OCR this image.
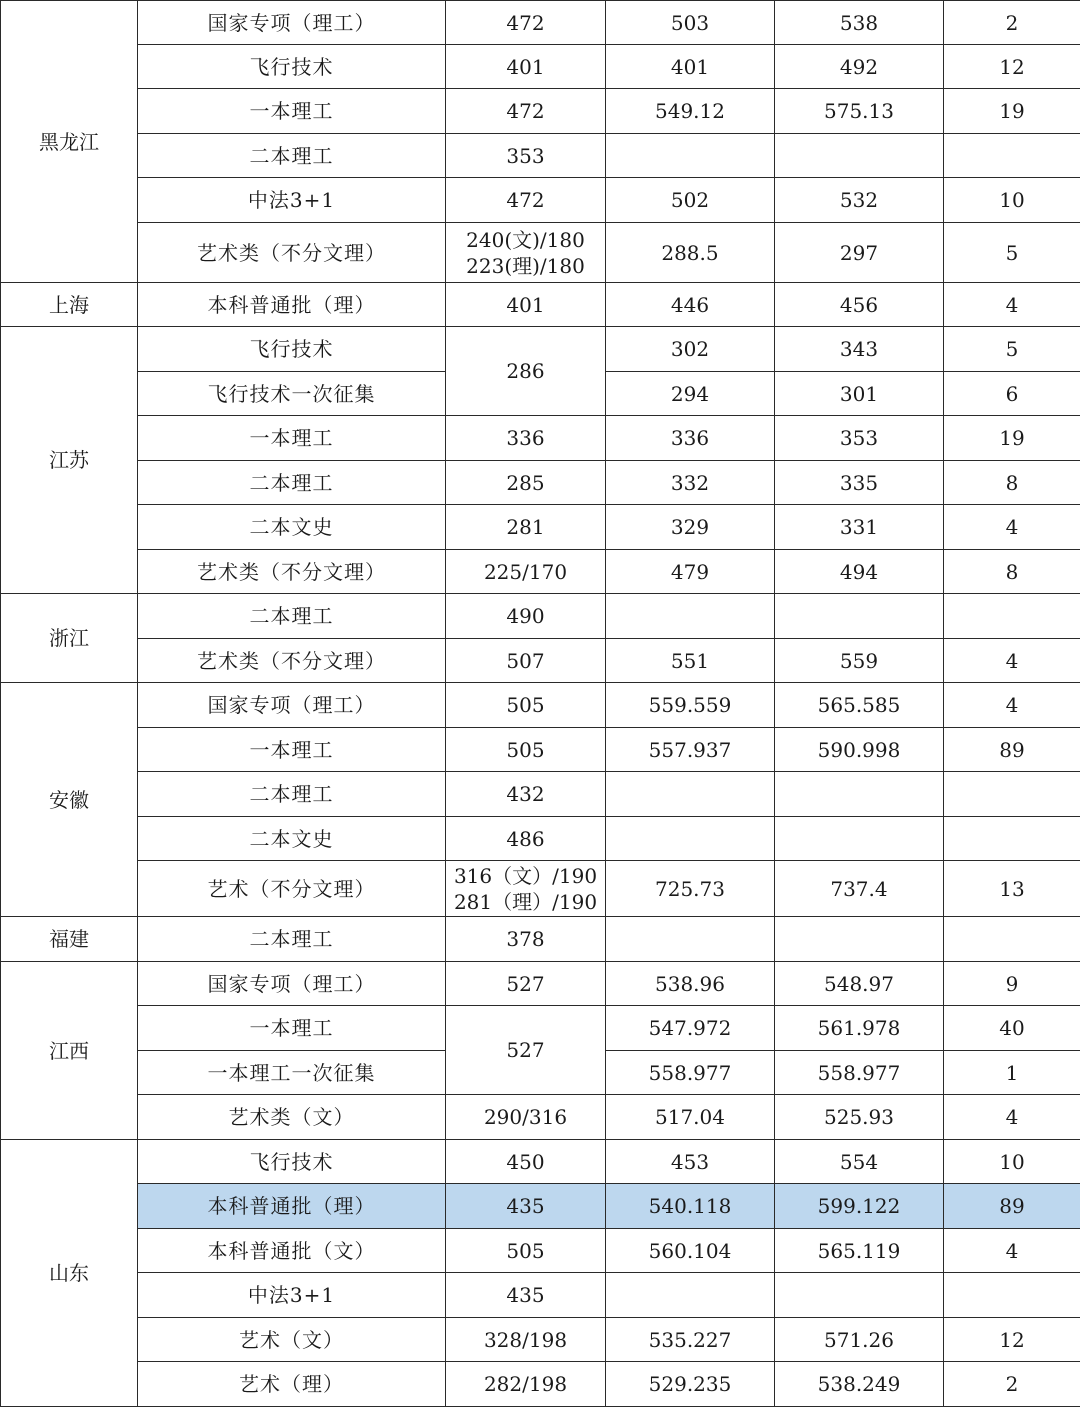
黑龙江	国家专项（理工）	472	503	538	2
	飞行技术	401	401	492	12
	一本理工	472	549.12	575.13	19
	二本理工	353			

	中法3+1	472	502	532	10
	艺术类（不分文理）	240(文)/180
223(理)/180	288.5	297	5
上海	本科普通批（理）	401	446	456	4
江苏	飞行技术	286	302	343	5
	飞行技术一次征集		294	301	6
	一本理工	336	336	353	19
	二本理工	285	332	335	8
	二本文史	281	329	331	4
	艺术类（不分文理）	225/170	479	494	8
浙江	二本理工	490			

	艺术类（不分文理）	507	551	559	4
安徽	国家专项（理工）	505	559.559	565.585	4
	一本理工	505	557.937	590.998	89
	二本理工	432			

	二本文史	486			

	艺术（不分文理）	316（文）/190
281（理）/190	725.73	737.4	13
福建	二本理工	378			

江西	国家专项（理工）	527	538.96	548.97	9
	一本理工	527	547.972	561.978	40
	一本理工一次征集		558.977	558.977	1
	艺术类（文）	290/316	517.04	525.93	4
山东	飞行技术	450	453	554	10
	本科普通批（理）	435	540.118	599.122	89
	本科普通批（文）	505	560.104	565.119	4
	中法3+1	435			

	艺术（文）	328/198	535.227	571.26	12
	艺术（理）	282/198	529.235	538.249	2
